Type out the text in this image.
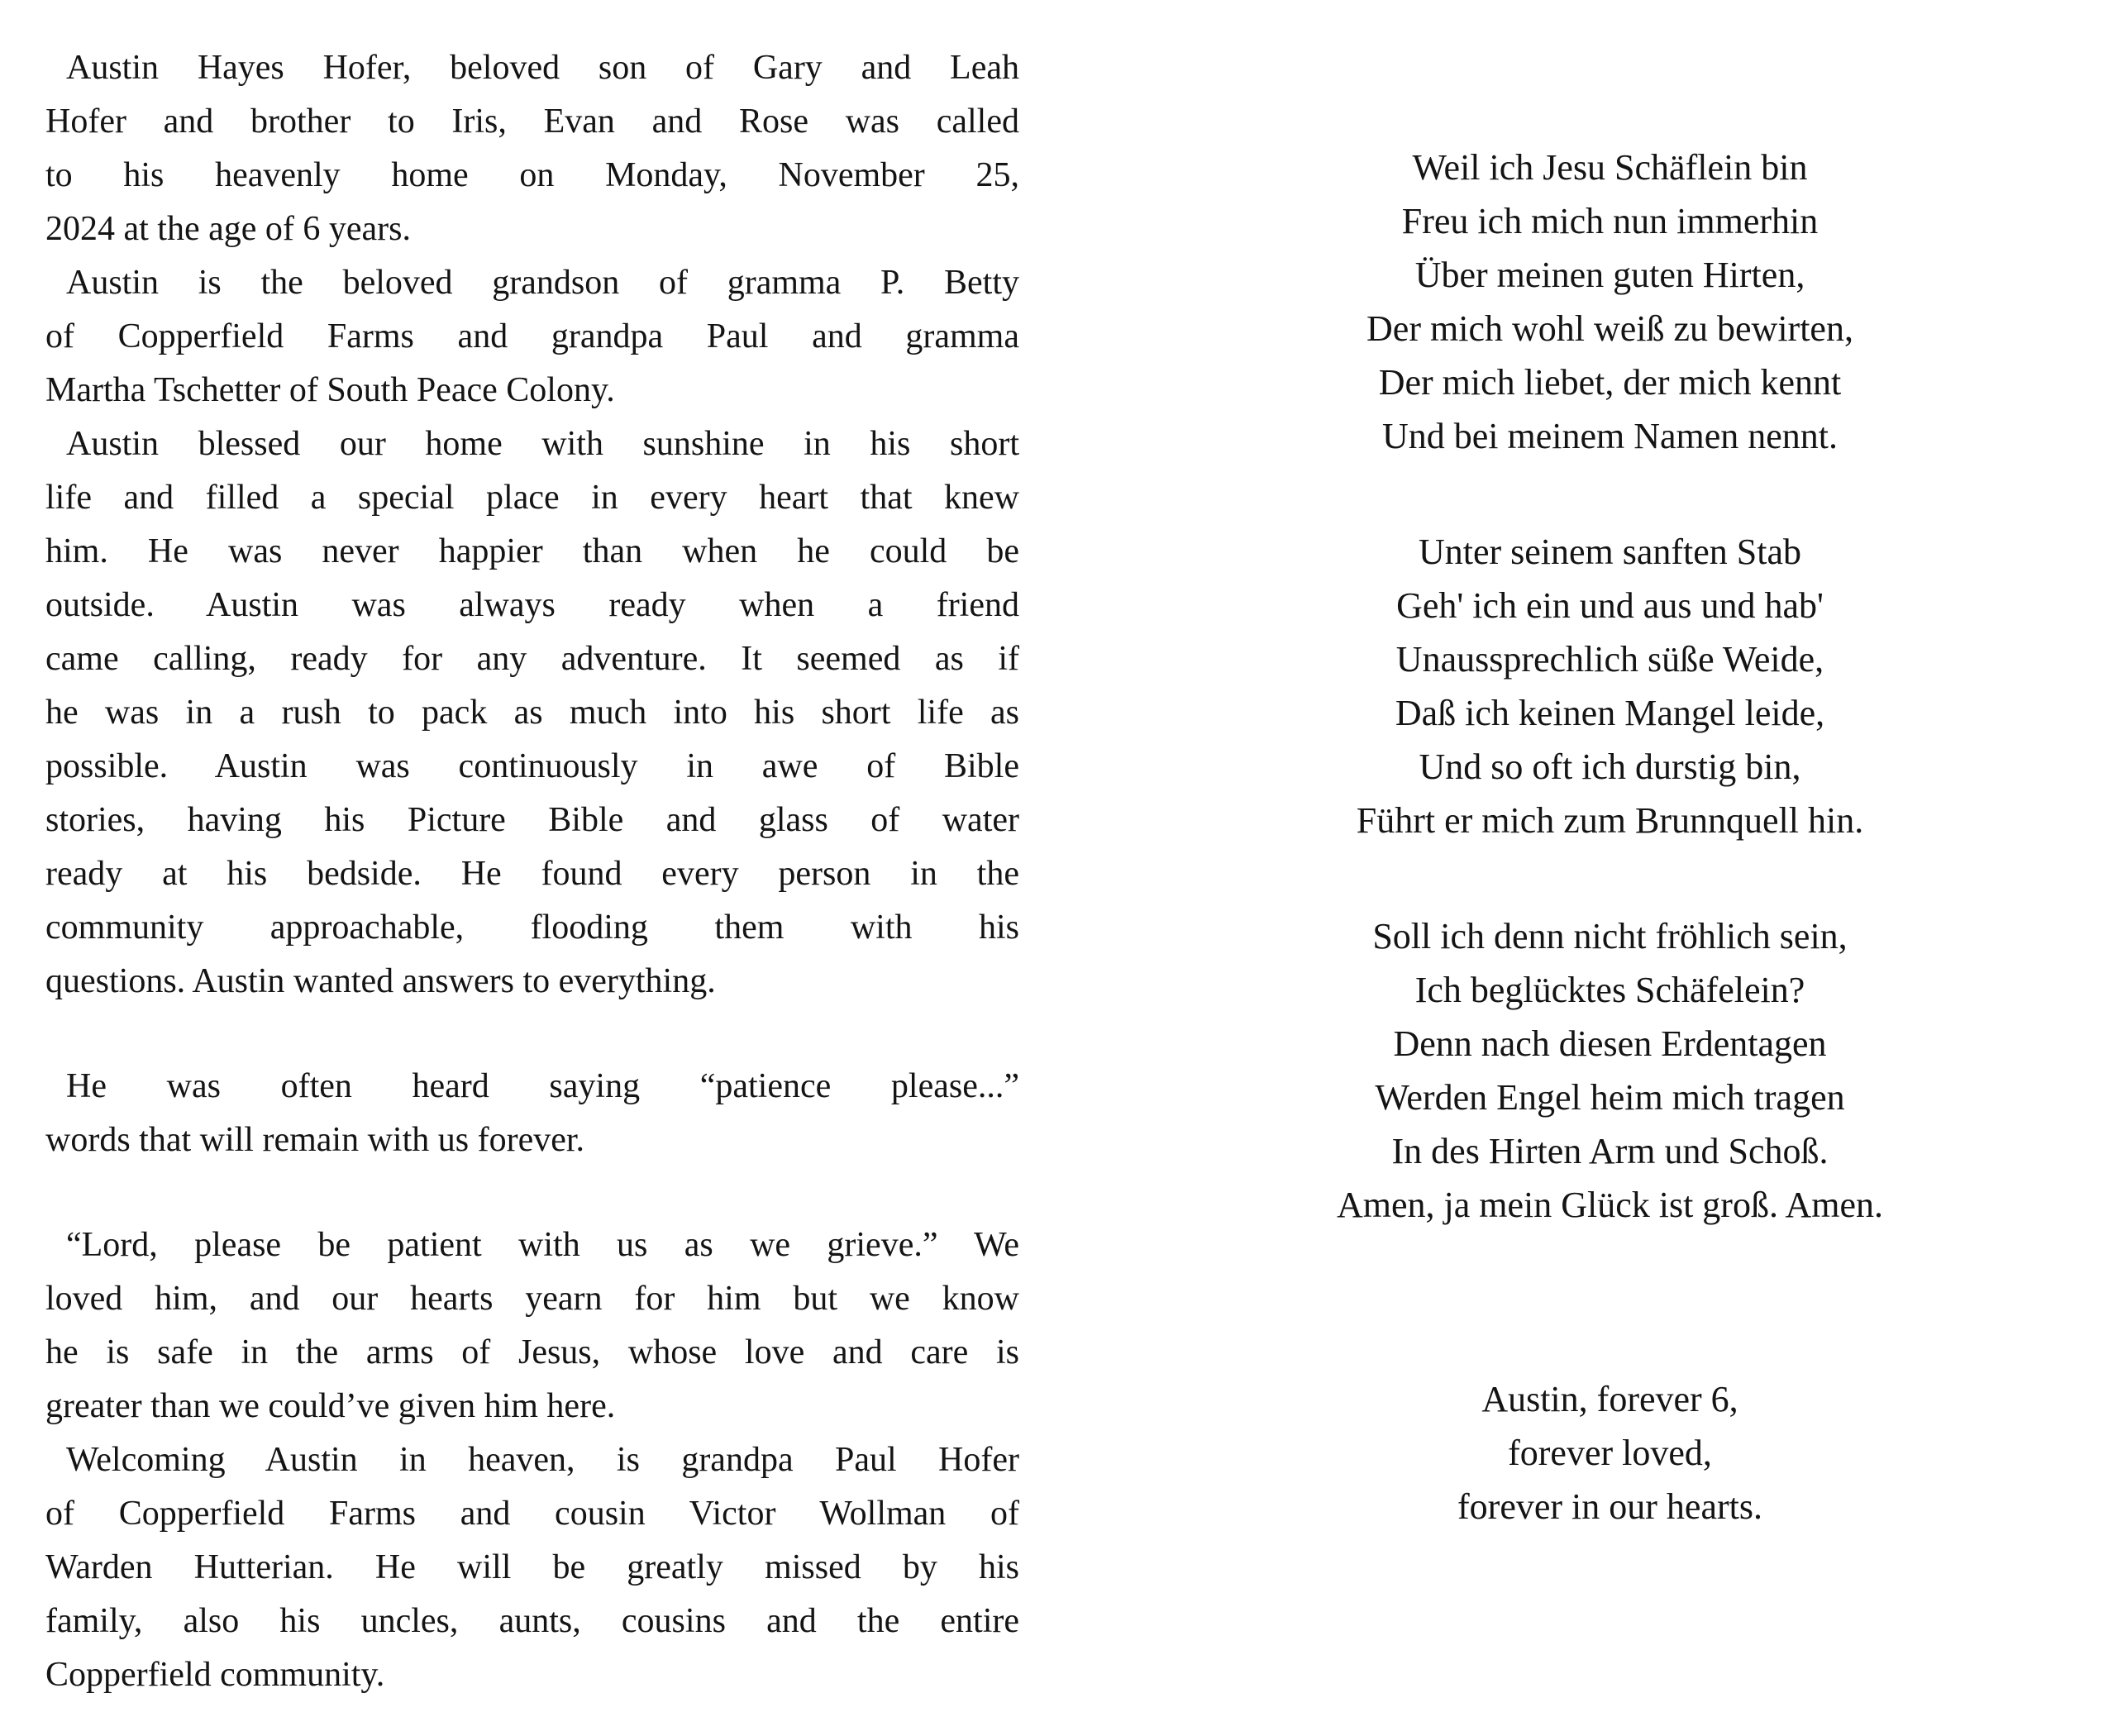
Austin Hayes Hofer, beloved son of Gary and Leah
Hofer and brother to Iris, Evan and Rose was called
to his heavenly home on Monday, November 25,
2024 at the age of 6 years.
Austin is the beloved grandson of gramma P. Betty
of Copperfield Farms and grandpa Paul and gramma
Martha Tschetter of South Peace Colony.
Austin blessed our home with sunshine in his short
life and filled a special place in every heart that knew
him. He was never happier than when he could be
outside. Austin was always ready when a friend
came calling, ready for any adventure. It seemed as if
he was in a rush to pack as much into his short life as
possible. Austin was continuously in awe of Bible
stories, having his Picture Bible and glass of water
ready at his bedside. He found every person in the
community approachable, flooding them with his
questions. Austin wanted answers to everything.
He was often heard saying “patience please...”
words that will remain with us forever.
“Lord, please be patient with us as we grieve.” We
loved him, and our hearts yearn for him but we know
he is safe in the arms of Jesus, whose love and care is
greater than we could’ve given him here.
Welcoming Austin in heaven, is grandpa Paul Hofer
of Copperfield Farms and cousin Victor Wollman of
Warden Hutterian. He will be greatly missed by his
family, also his uncles, aunts, cousins and the entire
Copperfield community.
Weil ich Jesu Schäflein bin
Freu ich mich nun immerhin
Über meinen guten Hirten,
Der mich wohl weiß zu bewirten,
Der mich liebet, der mich kennt
Und bei meinem Namen nennt.
Unter seinem sanften Stab
Geh' ich ein und aus und hab'
Unaussprechlich süße Weide,
Daß ich keinen Mangel leide,
Und so oft ich durstig bin,
Führt er mich zum Brunnquell hin.
Soll ich denn nicht fröhlich sein,
Ich beglücktes Schäfelein?
Denn nach diesen Erdentagen
Werden Engel heim mich tragen
In des Hirten Arm und Schoß.
Amen, ja mein Glück ist groß. Amen.
Austin, forever 6,
forever loved,
forever in our hearts.
